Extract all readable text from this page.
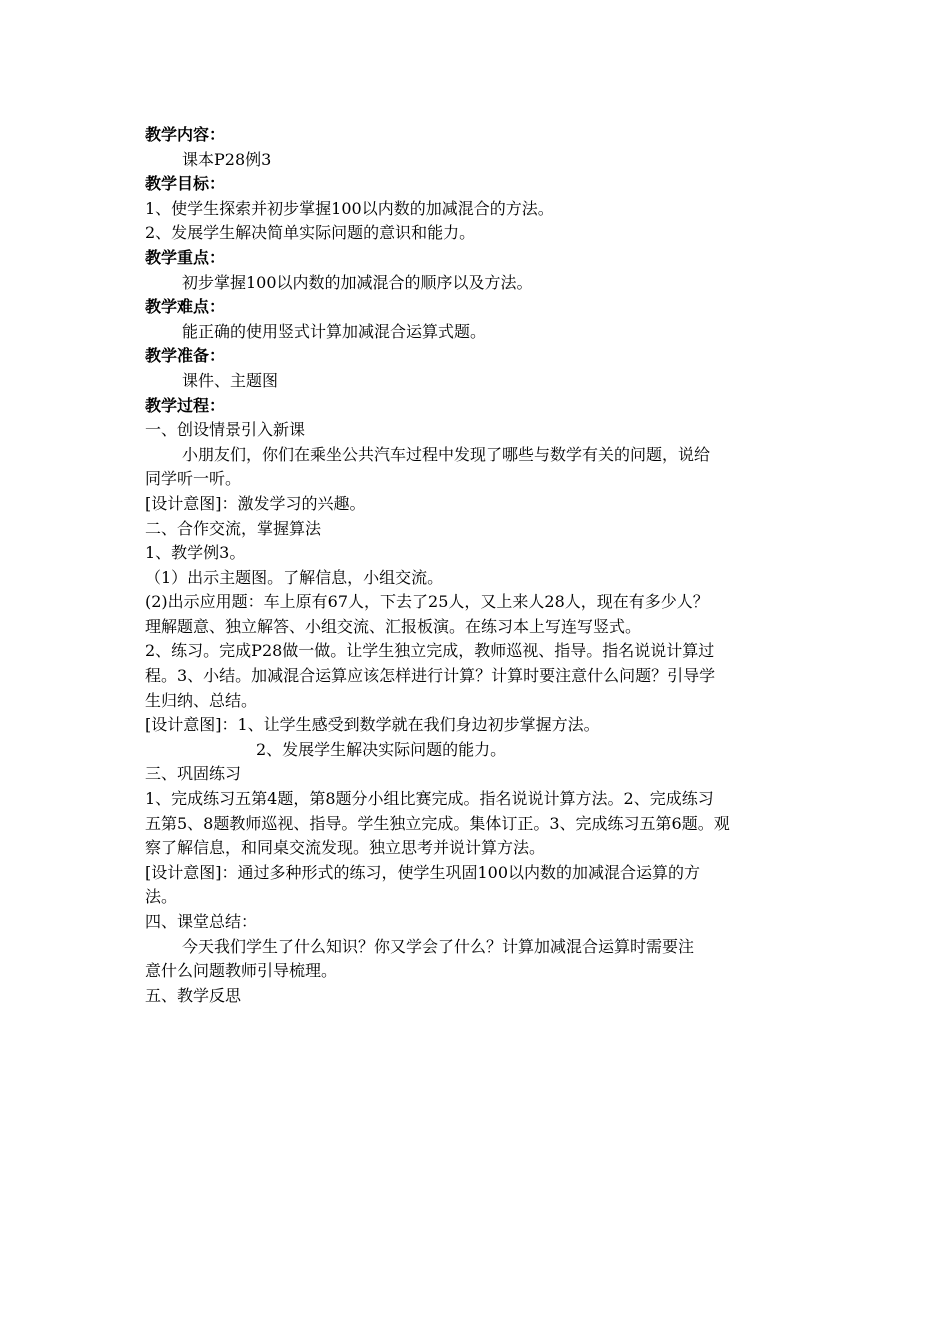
教学内容：
课本P28例3
教学目标：
1、使学生探索并初步掌握100以内数的加减混合的方法。
2、发展学生解决简单实际问题的意识和能力。
教学重点：
初步掌握100以内数的加减混合的顺序以及方法。
教学难点：
能正确的使用竖式计算加减混合运算式题。
教学准备：
课件、主题图
教学过程：
一、创设情景引入新课
小朋友们，你们在乘坐公共汽车过程中发现了哪些与数学有关的问题，说给
同学听一听。
[设计意图]：激发学习的兴趣。
二、合作交流，掌握算法
1、教学例3。
（1）出示主题图。了解信息，小组交流。
(2)出示应用题：车上原有67人，下去了25人，又上来人28人，现在有多少人？
理解题意、独立解答、小组交流、汇报板演。在练习本上写连写竖式。
2、练习。完成P28做一做。让学生独立完成，教师巡视、指导。指名说说计算过
程。3、小结。加减混合运算应该怎样进行计算？计算时要注意什么问题？引导学
生归纳、总结。
[设计意图]：1、让学生感受到数学就在我们身边初步掌握方法。
2、发展学生解决实际问题的能力。
三、巩固练习
1、完成练习五第4题，第8题分小组比赛完成。指名说说计算方法。2、完成练习
五第5、8题教师巡视、指导。学生独立完成。集体订正。3、完成练习五第6题。观
察了解信息，和同桌交流发现。独立思考并说计算方法。
[设计意图]：通过多种形式的练习，使学生巩固100以内数的加减混合运算的方
法。
四、课堂总结：
今天我们学生了什么知识？你又学会了什么？计算加减混合运算时需要注
意什么问题教师引导梳理。
五、教学反思
